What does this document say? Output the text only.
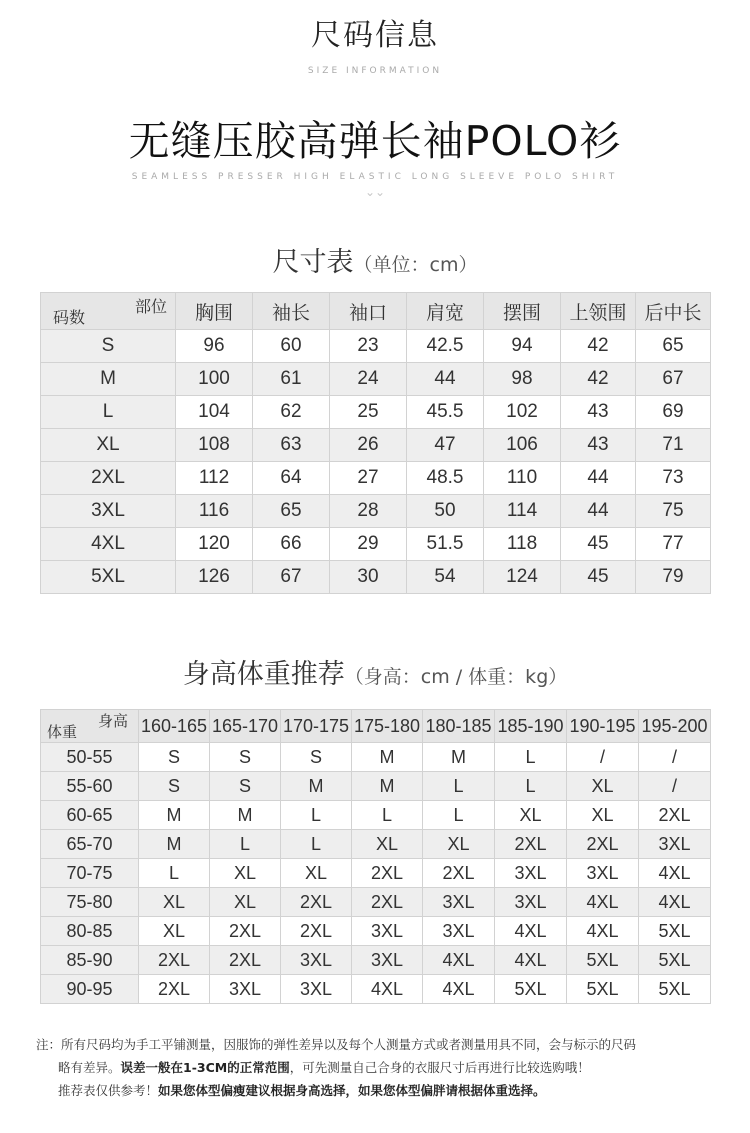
尺码信息
SIZE INFORMATION
无缝压胶高弹长袖POLO衫
SEAMLESS PRESSER HIGH ELASTIC LONG SLEEVE POLO SHIRT
⌄⌄
尺寸表（单位：cm）
部位
码数	胸围	袖长	袖口	肩宽	摆围	上领围	后中长
S	96	60	23	42.5	94	42	65
M	100	61	24	44	98	42	67
L	104	62	25	45.5	102	43	69
XL	108	63	26	47	106	43	71
2XL	112	64	27	48.5	110	44	73
3XL	116	65	28	50	114	44	75
4XL	120	66	29	51.5	118	45	77
5XL	126	67	30	54	124	45	79
身高体重推荐（身高：cm / 体重：kg）
身高
体重	160-165	165-170	170-175	175-180	180-185	185-190	190-195	195-200
50-55	S	S	S	M	M	L	/	/
55-60	S	S	M	M	L	L	XL	/
60-65	M	M	L	L	L	XL	XL	2XL
65-70	M	L	L	XL	XL	2XL	2XL	3XL
70-75	L	XL	XL	2XL	2XL	3XL	3XL	4XL
75-80	XL	XL	2XL	2XL	3XL	3XL	4XL	4XL
80-85	XL	2XL	2XL	3XL	3XL	4XL	4XL	5XL
85-90	2XL	2XL	3XL	3XL	4XL	4XL	5XL	5XL
90-95	2XL	3XL	3XL	4XL	4XL	5XL	5XL	5XL
注：所有尺码均为手工平铺测量，因服饰的弹性差异以及每个人测量方式或者测量用具不同，会与标示的尺码
略有差异。误差一般在1-3CM的正常范围，可先测量自己合身的衣服尺寸后再进行比较选购哦！
推荐表仅供参考！如果您体型偏瘦建议根据身高选择，如果您体型偏胖请根据体重选择。
